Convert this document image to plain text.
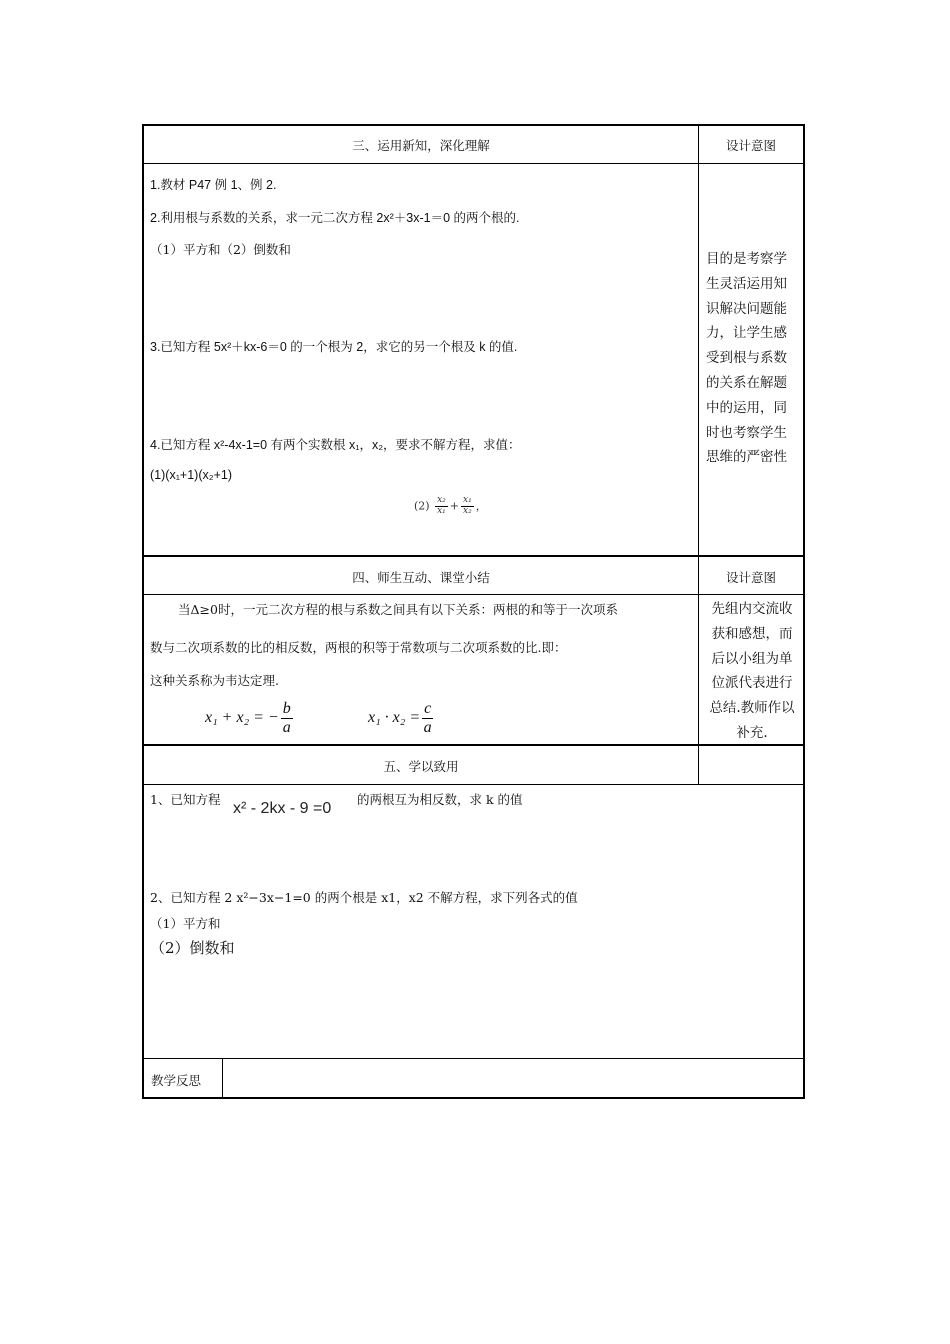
三、运用新知，深化理解	设计意图
1.教材 P47 例 1、例 2.
2.利用根与系数的关系，求一元二次方程 2x²＋3x-1＝0 的两个根的.
（1）平方和（2）倒数和
3.已知方程 5x²＋kx-6＝0 的一个根为 2，求它的另一个根及 k 的值.
4.已知方程 x²-4x-1=0 有两个实数根 x₁，x₂，要求不解方程，求值：
(1)(x₁+1)(x₂+1)
$(2) \frac{\text{x₂}}{\text{x₁}} + \frac{\text{x₁}}{\text{x₂}}$ ，
目的是考察学生灵活运用知识解决问题能力，让学生感受到根与系数的关系在解题中的运用，同时也考察学生思维的严密性
四、师生互动、课堂小结	设计意图
当Δ≥0时，一元二次方程的根与系数之间具有以下关系：两根的和等于一次项系
数与二次项系数的比的相反数，两根的积等于常数项与二次项系数的比.即：
这种关系称为韦达定理.
x₁ + x₂ = − $\frac{b}{a}$	$x_1 \cdot x_2 = \frac{c}{a}$
先组内交流收获和感想，而后以小组为单位派代表进行总结.教师作以补充.
五、学以致用
1、已知方程
x² - 2kx - 9 =0
的两根互为相反数，求 k 的值
2、已知方程 2 x²−3x−1=0 的两个根是 x1，x2 不解方程，求下列各式的值
（1）平方和
（2）倒数和
教学反思
